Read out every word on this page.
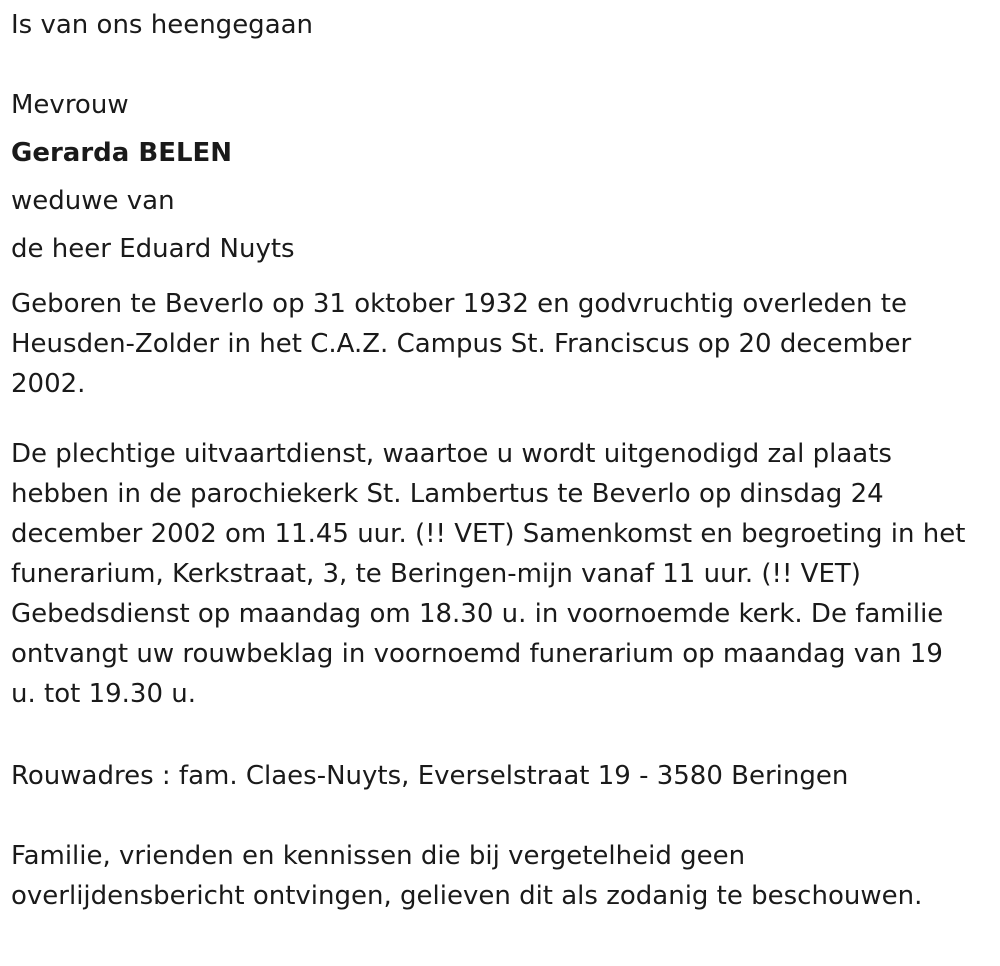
Is van ons heengegaan

Mevrouw

Gerarda BELEN

weduwe van

de heer Eduard Nuyts

Geboren te Beverlo op 31 oktober 1932 en godvruchtig overleden te
Heusden-Zolder in het C.A.Z. Campus St. Franciscus op 20 december
2002.
De plechtige uitvaartdienst, waartoe u wordt uitgenodigd zal plaats
hebben in de parochiekerk St. Lambertus te Beverlo op dinsdag 24
december 2002 om 11.45 uur. (!! VET) Samenkomst en begroeting in het
funerarium, Kerkstraat, 3, te Beringen-mijn vanaf 11 uur. (!! VET)
Gebedsdienst op maandag om 18.30 u. in voornoemde kerk. De familie
ontvangt uw rouwbeklag in voornoemd funerarium op maandag van 19
u. tot 19.30 u.
Rouwadres : fam. Claes-Nuyts, Everselstraat 19 - 3580 Beringen
Familie, vrienden en kennissen die bij vergetelheid geen
overlijdensbericht ontvingen, gelieven dit als zodanig te beschouwen.
